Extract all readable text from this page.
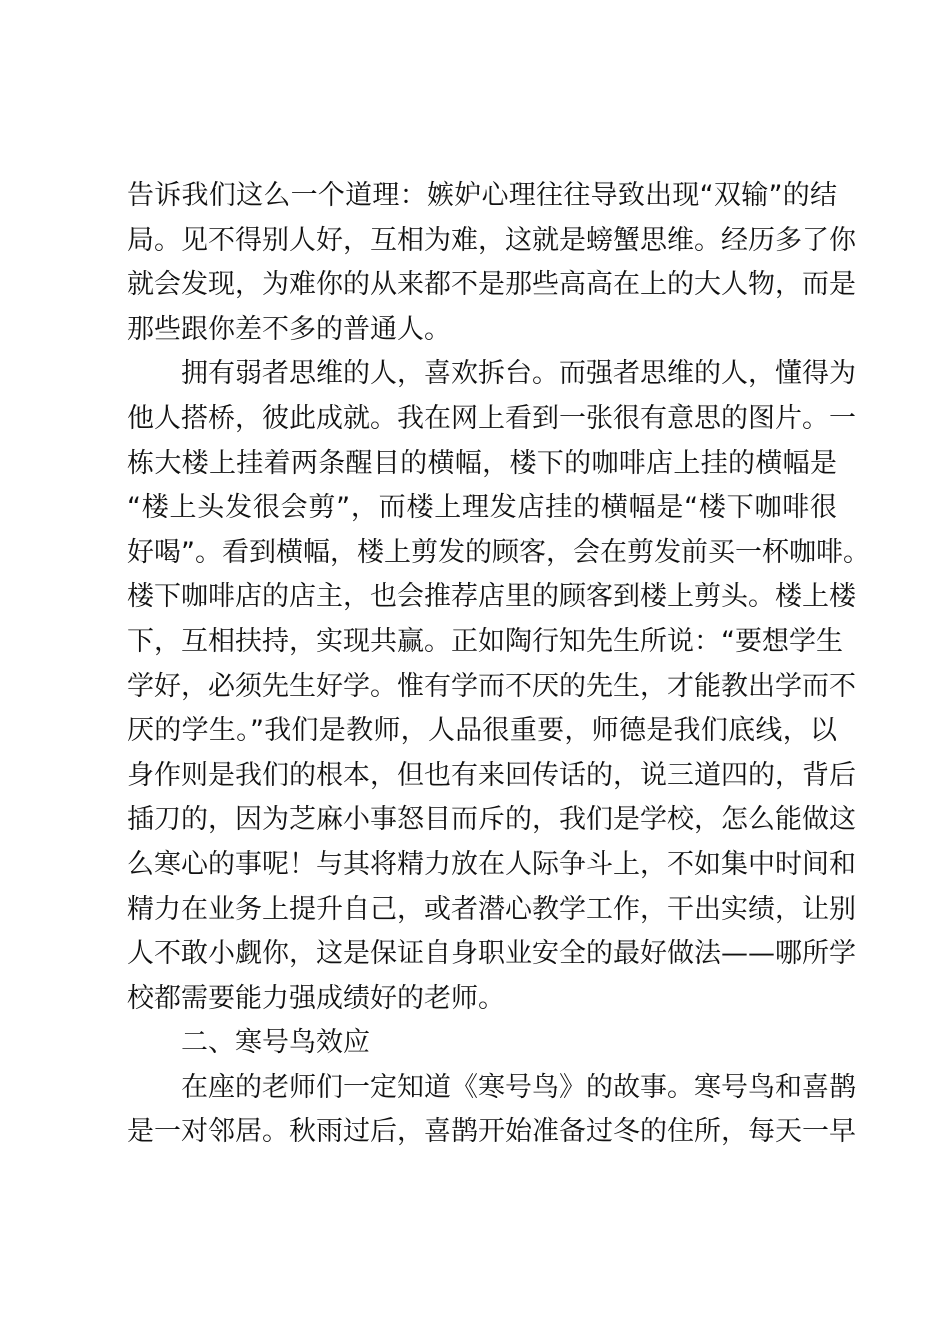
告诉我们这么一个道理：嫉妒心理往往导致出现“双输”的结
局。见不得别人好，互相为难，这就是螃蟹思维。经历多了你
就会发现，为难你的从来都不是那些高高在上的大人物，而是
那些跟你差不多的普通人。
拥有弱者思维的人，喜欢拆台。而强者思维的人，懂得为
他人搭桥，彼此成就。我在网上看到一张很有意思的图片。一
栋大楼上挂着两条醒目的横幅，楼下的咖啡店上挂的横幅是
“楼上头发很会剪”，而楼上理发店挂的横幅是“楼下咖啡很
好喝”。看到横幅，楼上剪发的顾客，会在剪发前买一杯咖啡。
楼下咖啡店的店主，也会推荐店里的顾客到楼上剪头。楼上楼
下，互相扶持，实现共赢。正如陶行知先生所说：“要想学生
学好，必须先生好学。惟有学而不厌的先生，才能教出学而不
厌的学生。”我们是教师，人品很重要，师德是我们底线，以
身作则是我们的根本，但也有来回传话的，说三道四的，背后
插刀的，因为芝麻小事怒目而斥的，我们是学校，怎么能做这
么寒心的事呢！与其将精力放在人际争斗上，不如集中时间和
精力在业务上提升自己，或者潜心教学工作，干出实绩，让别
人不敢小觑你，这是保证自身职业安全的最好做法——哪所学
校都需要能力强成绩好的老师。
二、寒号鸟效应
在座的老师们一定知道《寒号鸟》的故事。寒号鸟和喜鹊
是一对邻居。秋雨过后，喜鹊开始准备过冬的住所，每天一早
